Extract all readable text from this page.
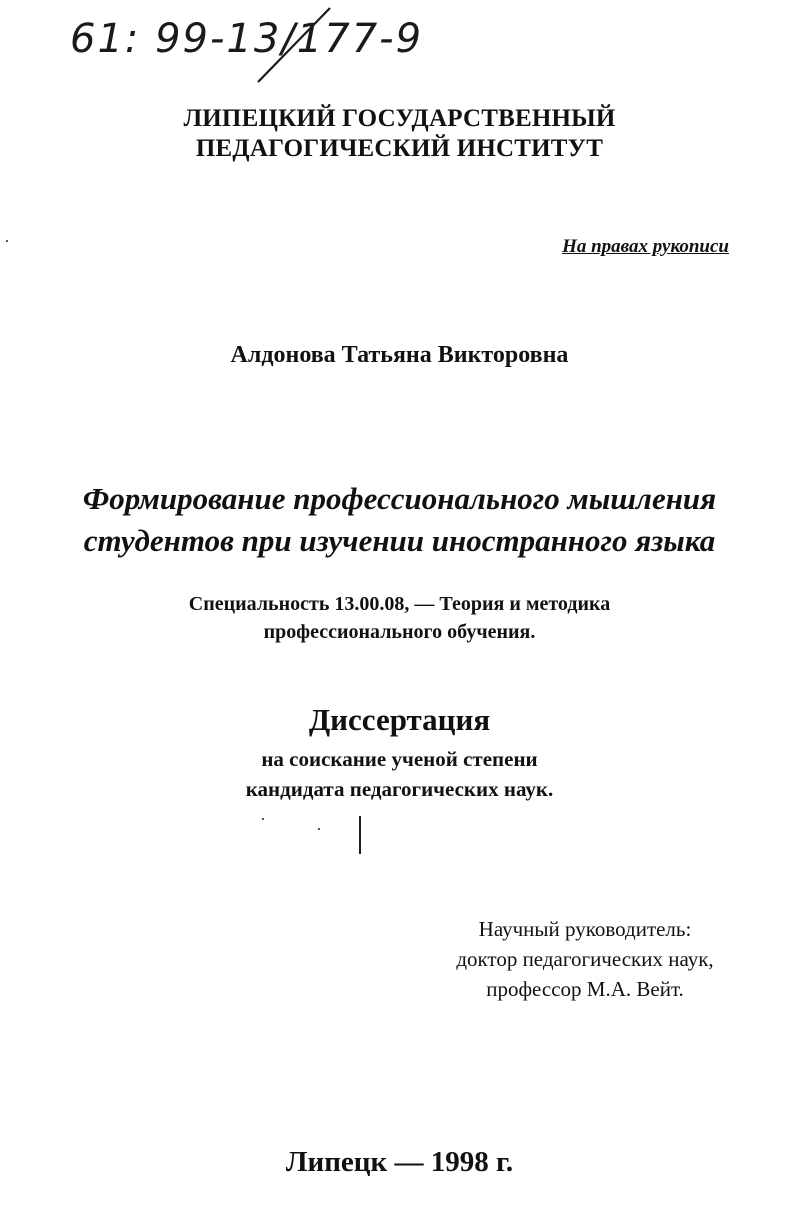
61: 99-13/177-9
ЛИПЕЦКИЙ ГОСУДАРСТВЕННЫЙ
ПЕДАГОГИЧЕСКИЙ ИНСТИТУТ
На правах рукописи
Алдонова Татьяна Викторовна
Формирование профессионального мышления
студентов при изучении иностранного языка
Специальность 13.00.08, — Теория и методика
профессионального обучения.
Диссертация
на соискание ученой степени
кандидата педагогических наук.
Научный руководитель:
доктор педагогических наук,
профессор М.А. Вейт.
Липецк — 1998 г.
